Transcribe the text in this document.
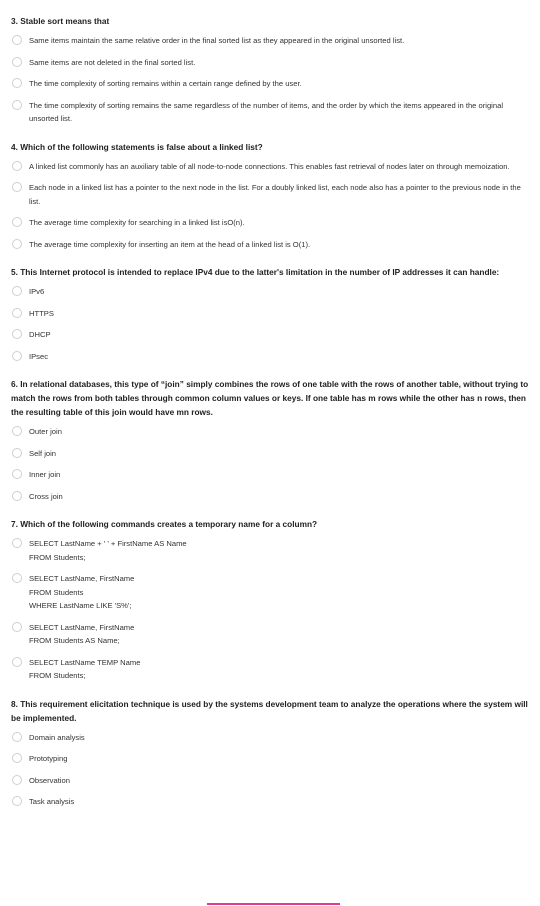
3. Stable sort means that

Same items maintain the same relative order in the final sorted list as they appeared in the original unsorted list.
Same items are not deleted in the final sorted list.
The time complexity of sorting remains within a certain range defined by the user.
The time complexity of sorting remains the same regardless of the number of items, and the order by which the items appeared in the original unsorted list.

4. Which of the following statements is false about a linked list?

A linked list commonly has an auxiliary table of all node-to-node connections. This enables fast retrieval of nodes later on through memoization.
Each node in a linked list has a pointer to the next node in the list. For a doubly linked list, each node also has a pointer to the previous node in the list.
The average time complexity for searching in a linked list isO(n).
The average time complexity for inserting an item at the head of a linked list is O(1).

5. This Internet protocol is intended to replace IPv4 due to the latter's limitation in the number of IP addresses it can handle:

IPv6
HTTPS
DHCP
IPsec

6. In relational databases, this type of “join” simply combines the rows of one table with the rows of another table, without trying to match the rows from both tables through common column values or keys. If one table has m rows while the other has n rows, then the resulting table of this join would have mn rows.

Outer join
Self join
Inner join
Cross join

7. Which of the following commands creates a temporary name for a column?

SELECT LastName + ' ' + FirstName AS Name
FROM Students;
SELECT LastName, FirstName
FROM Students
WHERE LastName LIKE 'S%';
SELECT LastName, FirstName
FROM Students AS Name;
SELECT LastName TEMP Name
FROM Students;

8. This requirement elicitation technique is used by the systems development team to analyze the operations where the system will be implemented.

Domain analysis
Prototyping
Observation
Task analysis
